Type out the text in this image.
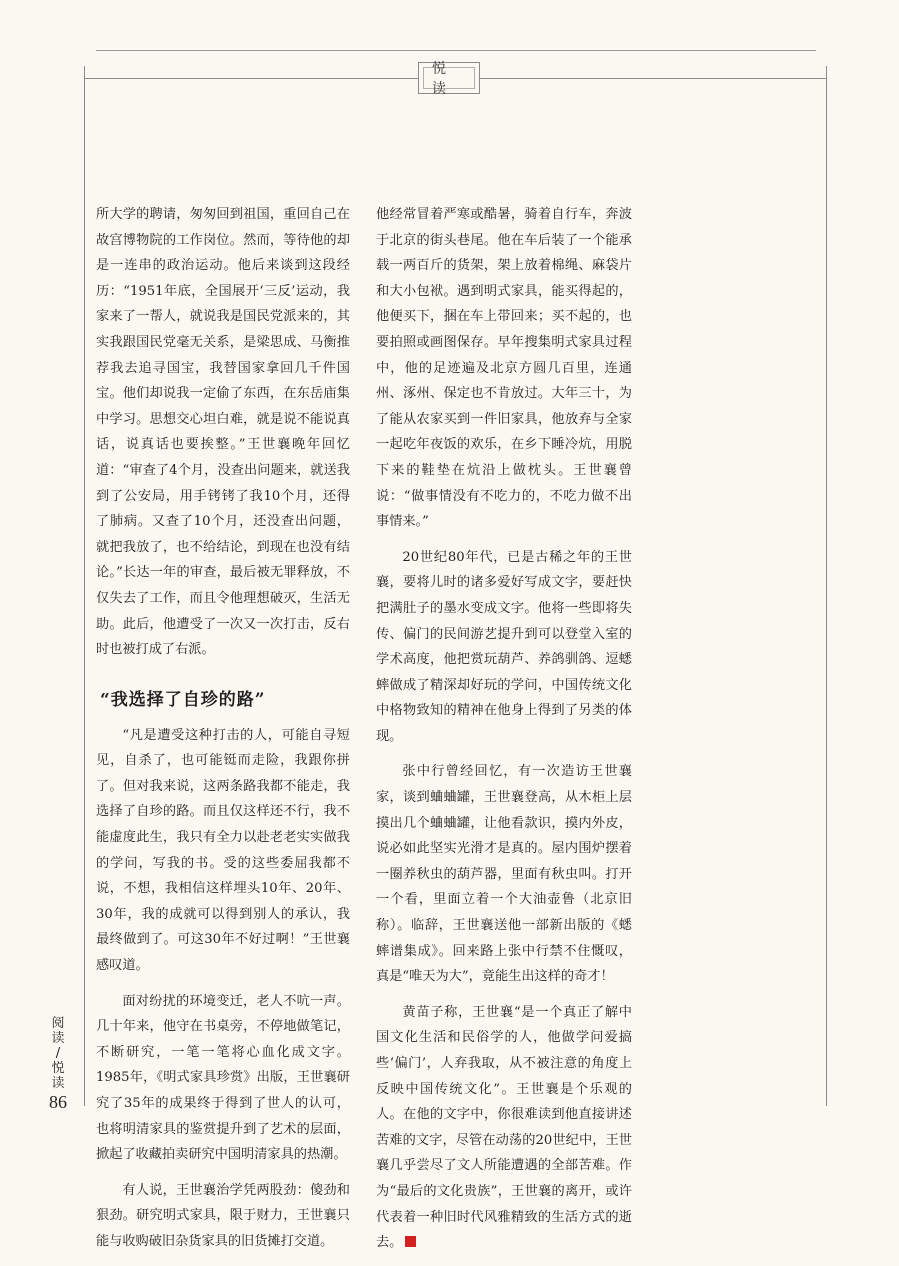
悦 读

所大学的聘请，匆匆回到祖国，重回自己在故宫博物院的工作岗位。然而，等待他的却是一连串的政治运动。他后来谈到这段经历：“1951年底，全国展开‘三反’运动，我家来了一帮人，就说我是国民党派来的，其实我跟国民党毫无关系，是梁思成、马衡推荐我去追寻国宝，我替国家拿回几千件国宝。他们却说我一定偷了东西，在东岳庙集中学习。思想交心坦白难，就是说不能说真话，说真话也要挨整。”王世襄晚年回忆道：“审查了4个月，没查出问题来，就送我到了公安局，用手铐铐了我10个月，还得了肺病。又查了10个月，还没查出问题，就把我放了，也不给结论，到现在也没有结论。”长达一年的审查，最后被无罪释放，不仅失去了工作，而且令他理想破灭，生活无助。此后，他遭受了一次又一次打击，反右时也被打成了右派。

“我选择了自珍的路”

“凡是遭受这种打击的人，可能自寻短见，自杀了，也可能铤而走险，我跟你拼了。但对我来说，这两条路我都不能走，我选择了自珍的路。而且仅这样还不行，我不能虚度此生，我只有全力以赴老老实实做我的学问，写我的书。受的这些委屈我都不说，不想，我相信这样埋头10年、20年、30年，我的成就可以得到别人的承认，我最终做到了。可这30年不好过啊！”王世襄感叹道。

面对纷扰的环境变迁，老人不吭一声。几十年来，他守在书桌旁，不停地做笔记，不断研究，一笔一笔将心血化成文字。1985年，《明式家具珍赏》出版，王世襄研究了35年的成果终于得到了世人的认可，也将明清家具的鉴赏提升到了艺术的层面，掀起了收藏拍卖研究中国明清家具的热潮。

有人说，王世襄治学凭两股劲：傻劲和狠劲。研究明式家具，限于财力，王世襄只能与收购破旧杂货家具的旧货摊打交道。

他经常冒着严寒或酷暑，骑着自行车，奔波于北京的街头巷尾。他在车后装了一个能承载一两百斤的货架，架上放着棉绳、麻袋片和大小包袱。遇到明式家具，能买得起的，他便买下，捆在车上带回来；买不起的，也要拍照或画图保存。早年搜集明式家具过程中，他的足迹遍及北京方圆几百里，连通州、涿州、保定也不肯放过。大年三十，为了能从农家买到一件旧家具，他放弃与全家一起吃年夜饭的欢乐，在乡下睡冷炕，用脱下来的鞋垫在炕沿上做枕头。王世襄曾说：“做事情没有不吃力的，不吃力做不出事情来。”

20世纪80年代，已是古稀之年的王世襄，要将儿时的诸多爱好写成文字，要赶快把满肚子的墨水变成文字。他将一些即将失传、偏门的民间游艺提升到可以登堂入室的学术高度，他把赏玩葫芦、养鸽驯鸽、逗蟋蟀做成了精深却好玩的学问，中国传统文化中格物致知的精神在他身上得到了另类的体现。

张中行曾经回忆，有一次造访王世襄家，谈到蛐蛐罐，王世襄登高，从木柜上层摸出几个蛐蛐罐，让他看款识，摸内外皮，说必如此坚实光滑才是真的。屋内围炉摆着一圈养秋虫的葫芦器，里面有秋虫叫。打开一个看，里面立着一个大油壶鲁（北京旧称）。临辞，王世襄送他一部新出版的《蟋蟀谱集成》。回来路上张中行禁不住慨叹，真是“唯天为大”，竟能生出这样的奇才！

黄苗子称，王世襄“是一个真正了解中国文化生活和民俗学的人，他做学问爱搞些‘偏门’，人弃我取，从不被注意的角度上反映中国传统文化”。王世襄是个乐观的人。在他的文字中，你很难读到他直接讲述苦难的文字，尽管在动荡的20世纪中，王世襄几乎尝尽了文人所能遭遇的全部苦难。作为“最后的文化贵族”，王世襄的离开，或许代表着一种旧时代风雅精致的生活方式的逝去。

阅
读
/
悦
读
86
